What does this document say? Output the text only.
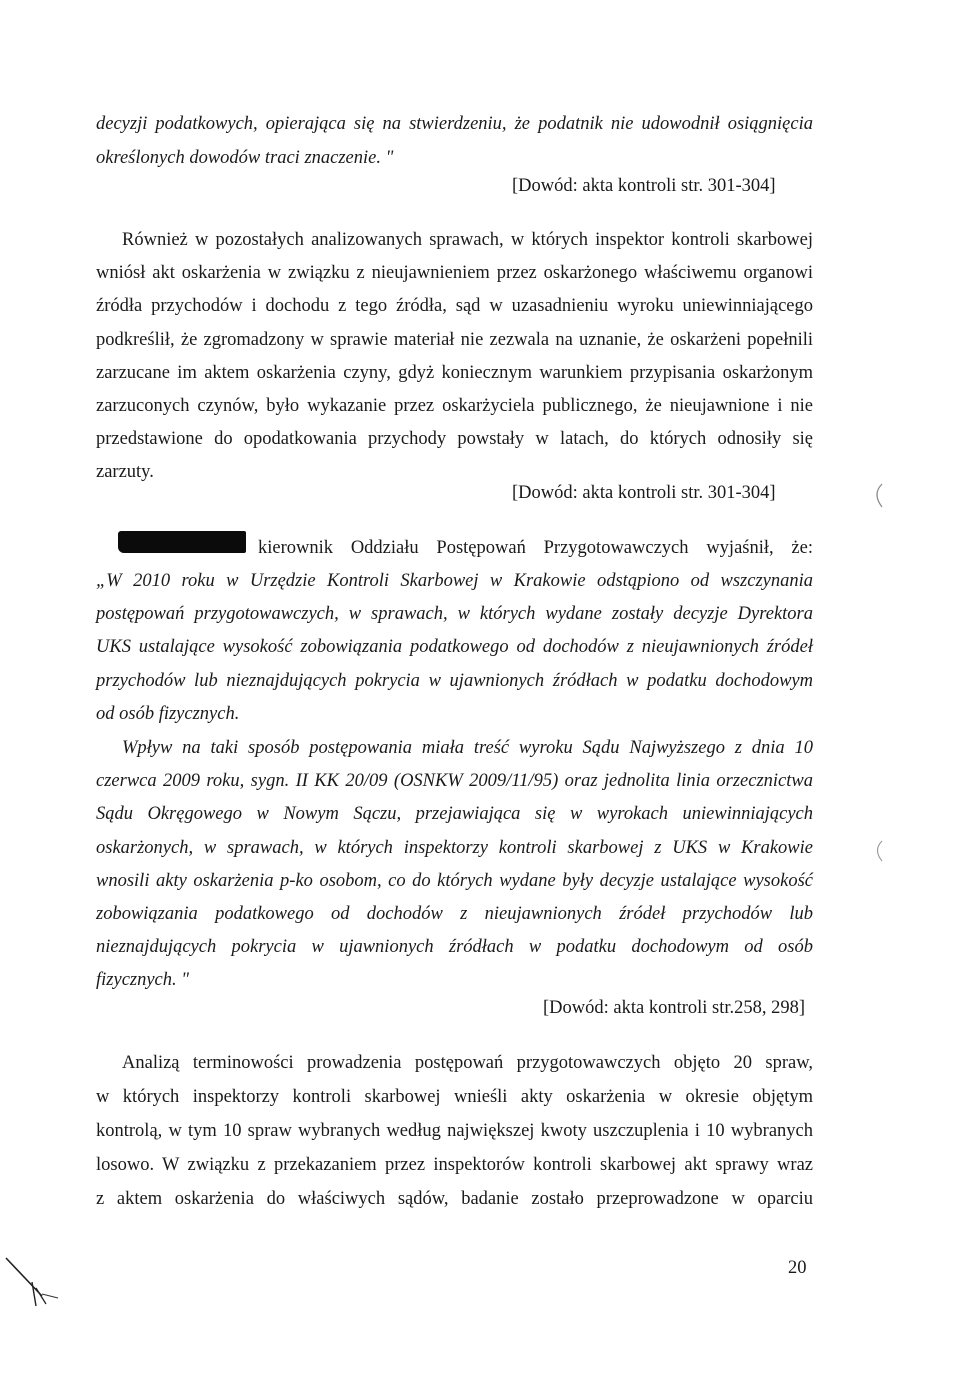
decyzji podatkowych, opierająca się na stwierdzeniu, że podatnik nie udowodnił osiągnięcia
określonych dowodów traci znaczenie. "

[Dowód: akta kontroli str. 301-304]

Również w pozostałych analizowanych sprawach, w których inspektor kontroli skarbowej
wniósł akt oskarżenia w związku z nieujawnieniem przez oskarżonego właściwemu organowi
źródła przychodów i dochodu z tego źródła, sąd w uzasadnieniu wyroku uniewinniającego
podkreślił, że zgromadzony w sprawie materiał nie zezwala na uznanie, że oskarżeni popełnili
zarzucane im aktem oskarżenia czyny, gdyż koniecznym warunkiem przypisania oskarżonym
zarzuconych czynów, było wykazanie przez oskarżyciela publicznego, że nieujawnione i nie
przedstawione do opodatkowania przychody powstały w latach, do których odnosiły się
zarzuty.

[Dowód: akta kontroli str. 301-304]

kierownik Oddziału Postępowań Przygotowawczych wyjaśnił, że:
„W 2010 roku w Urzędzie Kontroli Skarbowej w Krakowie odstąpiono od wszczynania
postępowań przygotowawczych, w sprawach, w których wydane zostały decyzje Dyrektora
UKS ustalające wysokość zobowiązania podatkowego od dochodów z nieujawnionych źródeł
przychodów lub nieznajdujących pokrycia w ujawnionych źródłach w podatku dochodowym
od osób fizycznych.
Wpływ na taki sposób postępowania miała treść wyroku Sądu Najwyższego z dnia 10
czerwca 2009 roku, sygn. II KK 20/09 (OSNKW 2009/11/95) oraz jednolita linia orzecznictwa
Sądu Okręgowego w Nowym Sączu, przejawiająca się w wyrokach uniewinniających
oskarżonych, w sprawach, w których inspektorzy kontroli skarbowej z UKS w Krakowie
wnosili akty oskarżenia p-ko osobom, co do których wydane były decyzje ustalające wysokość
zobowiązania podatkowego od dochodów z nieujawnionych źródeł przychodów lub
nieznajdujących pokrycia w ujawnionych źródłach w podatku dochodowym od osób
fizycznych. "

[Dowód: akta kontroli str.258, 298]

Analizą terminowości prowadzenia postępowań przygotowawczych objęto 20 spraw,
w których inspektorzy kontroli skarbowej wnieśli akty oskarżenia w okresie objętym
kontrolą, w tym 10 spraw wybranych według największej kwoty uszczuplenia i 10 wybranych
losowo. W związku z przekazaniem przez inspektorów kontroli skarbowej akt sprawy wraz
z aktem oskarżenia do właściwych sądów, badanie zostało przeprowadzone w oparciu

20
